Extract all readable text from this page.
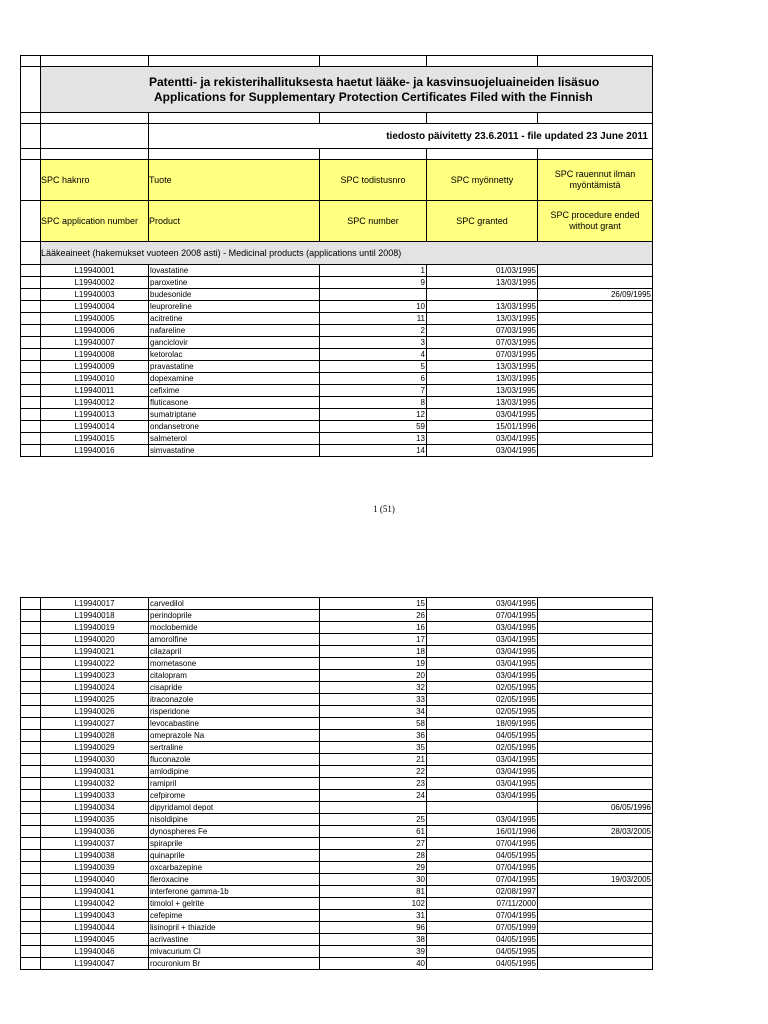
	Patentti- ja rekisterihallituksesta haetut lääke- ja kasvinsuojeluaineiden lisäsuo
Applications for Supplementary Protection Certificates Filed with the Finnish				

		tiedosto päivitetty 23.6.2011 - file updated 23 June 2011			

	SPC haknro	Tuote	SPC todistusnro	SPC myönnetty	SPC rauennut ilman myöntämistä
	SPC application number	Product	SPC number	SPC granted	SPC procedure ended without grant
	Lääkeaineet (hakemukset vuoteen 2008 asti) - Medicinal products (applications until 2008)				
	L19940001	lovastatine	1	01/03/1995	
	L19940002	paroxetine	9	13/03/1995	
	L19940003	budesonide			26/09/1995
	L19940004	leuproreline	10	13/03/1995	
	L19940005	acitretine	11	13/03/1995	
	L19940006	nafareline	2	07/03/1995	
	L19940007	ganciclovir	3	07/03/1995	
	L19940008	ketorolac	4	07/03/1995	
	L19940009	pravastatine	5	13/03/1995	
	L19940010	dopexamine	6	13/03/1995	
	L19940011	cefixime	7	13/03/1995	
	L19940012	fluticasone	8	13/03/1995	
	L19940013	sumatriptane	12	03/04/1995	
	L19940014	ondansetrone	59	15/01/1996	
	L19940015	salmeterol	13	03/04/1995	
	L19940016	simvastatine	14	03/04/1995	
1 (51)
	L19940017	carvedilol	15	03/04/1995	
	L19940018	perindoprile	26	07/04/1995	
	L19940019	moclobemide	16	03/04/1995	
	L19940020	amorolfine	17	03/04/1995	
	L19940021	cilazapril	18	03/04/1995	
	L19940022	mometasone	19	03/04/1995	
	L19940023	citalopram	20	03/04/1995	
	L19940024	cisapride	32	02/05/1995	
	L19940025	itraconazole	33	02/05/1995	
	L19940026	risperidone	34	02/05/1995	
	L19940027	levocabastine	58	18/09/1995	
	L19940028	omeprazole Na	36	04/05/1995	
	L19940029	sertraline	35	02/05/1995	
	L19940030	fluconazole	21	03/04/1995	
	L19940031	amlodipine	22	03/04/1995	
	L19940032	ramipril	23	03/04/1995	
	L19940033	cefpirome	24	03/04/1995	
	L19940034	dipyridamol depot			06/05/1996
	L19940035	nisoldipine	25	03/04/1995	
	L19940036	dynospheres Fe	61	16/01/1996	28/03/2005
	L19940037	spiraprile	27	07/04/1995	
	L19940038	quinaprile	28	04/05/1995	
	L19940039	oxcarbazepine	29	07/04/1995	
	L19940040	fleroxacine	30	07/04/1995	19/03/2005
	L19940041	interferone gamma-1b	81	02/08/1997	
	L19940042	timolol + gelrite	102	07/11/2000	
	L19940043	cefepime	31	07/04/1995	
	L19940044	lisinopril + thiazide	96	07/05/1999	
	L19940045	acrivastine	38	04/05/1995	
	L19940046	mivacurium Cl	39	04/05/1995	
	L19940047	rocuronium Br	40	04/05/1995	
